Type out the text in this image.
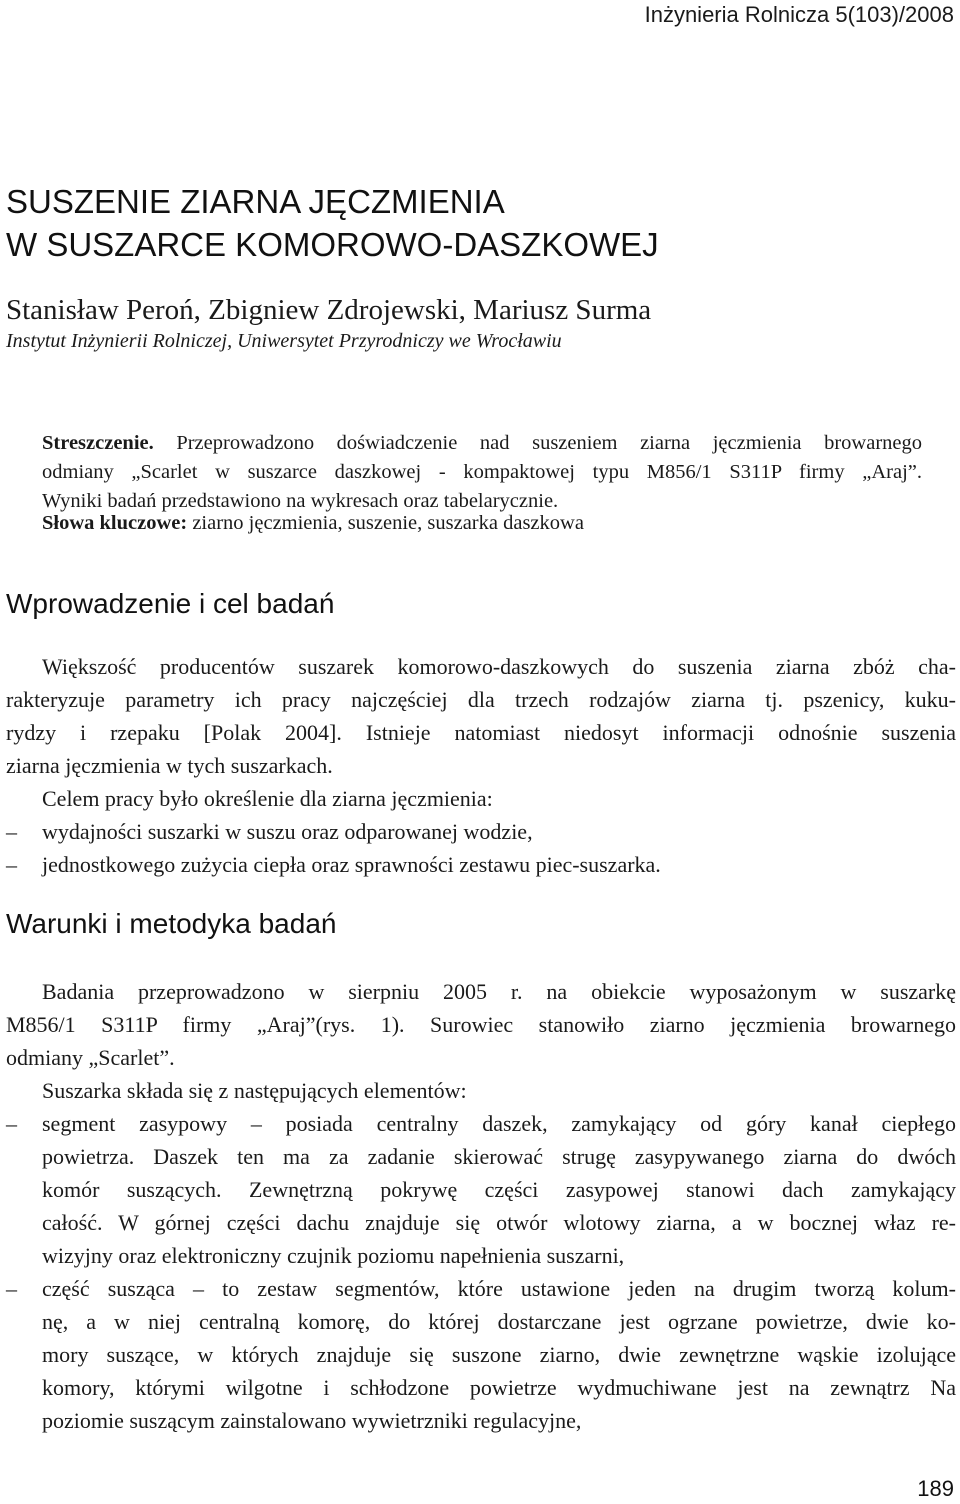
Inżynieria Rolnicza 5(103)/2008
SUSZENIE ZIARNA JĘCZMIENIA
W SUSZARCE KOMOROWO-DASZKOWEJ
Stanisław Peroń, Zbigniew Zdrojewski, Mariusz Surma
Instytut Inżynierii Rolniczej, Uniwersytet Przyrodniczy we Wrocławiu
Streszczenie. Przeprowadzono doświadczenie nad suszeniem ziarna jęczmienia browarnego
odmiany „Scarlet w suszarce daszkowej - kompaktowej typu M856/1 S311P firmy „Araj”.
Wyniki badań przedstawiono na wykresach oraz tabelarycznie.
Słowa kluczowe: ziarno jęczmienia, suszenie, suszarka daszkowa
Wprowadzenie i cel badań
Większość producentów suszarek komorowo-daszkowych do suszenia ziarna zbóż cha-
rakteryzuje parametry ich pracy najczęściej dla trzech rodzajów ziarna tj. pszenicy, kuku-
rydzy i rzepaku [Polak 2004]. Istnieje natomiast niedosyt informacji odnośnie suszenia
ziarna jęczmienia w tych suszarkach.
Celem pracy było określenie dla ziarna jęczmienia:
– wydajności suszarki w suszu oraz odparowanej wodzie,
– jednostkowego zużycia ciepła oraz sprawności zestawu piec-suszarka.
Warunki i metodyka badań
Badania przeprowadzono w sierpniu 2005 r. na obiekcie wyposażonym w suszarkę
M856/1 S311P firmy „Araj”(rys. 1). Surowiec stanowiło ziarno jęczmienia browarnego
odmiany „Scarlet”.
Suszarka składa się z następujących elementów:
– segment zasypowy – posiada centralny daszek, zamykający od góry kanał ciepłego
powietrza. Daszek ten ma za zadanie skierować strugę zasypywanego ziarna do dwóch
komór suszących. Zewnętrzną pokrywę części zasypowej stanowi dach zamykający
całość. W górnej części dachu znajduje się otwór wlotowy ziarna, a w bocznej właz re-
wizyjny oraz elektroniczny czujnik poziomu napełnienia suszarni,
– część susząca – to zestaw segmentów, które ustawione jeden na drugim tworzą kolum-
nę, a w niej centralną komorę, do której dostarczane jest ogrzane powietrze, dwie ko-
mory suszące, w których znajduje się suszone ziarno, dwie zewnętrzne wąskie izolujące
komory, którymi wilgotne i schłodzone powietrze wydmuchiwane jest na zewnątrz Na
poziomie suszącym zainstalowano wywietrzniki regulacyjne,
189
